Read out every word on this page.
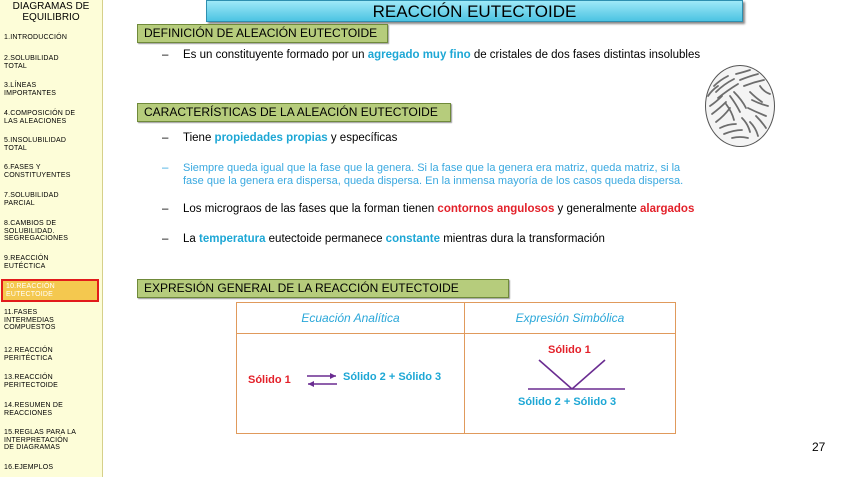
DIAGRAMAS DE
EQUILIBRIO
1.INTRODUCCIÓN
2.SOLUBILIDAD
TOTAL
3.LÍNEAS
IMPORTANTES
4.COMPOSICIÓN DE
LAS ALEACIONES
5.INSOLUBILIDAD
TOTAL
6.FASES Y
CONSTITUYENTES
7.SOLUBILIDAD
PARCIAL
8.CAMBIOS DE
SOLUBILIDAD.
SEGREGACIONES
9.REACCIÓN
EUTÉCTICA
10.REACCIÓN
EUTECTOIDE
11.FASES
INTERMEDIAS
COMPUESTOS
12.REACCIÓN
PERITÉCTICA
13.REACCIÓN
PERITECTOIDE
14.RESUMEN DE
REACCIONES
15.REGLAS PARA LA
INTERPRETACIÓN
DE DIAGRAMAS
16.EJEMPLOS
REACCIÓN EUTECTOIDE
DEFINICIÓN DE ALEACIÓN EUTECTOIDE
– Es un constituyente formado por un agregado muy fino de cristales de dos fases distintas insolubles
CARACTERÍSTICAS DE LA ALEACIÓN EUTECTOIDE
– Tiene propiedades propias y específicas
– Siempre queda igual que la fase que la genera. Si la fase que la genera era matriz, queda matriz, si la
fase que la genera era dispersa, queda dispersa. En la inmensa mayoría de los casos queda dispersa.
– Los micrograos de las fases que la forman tienen contornos angulosos y generalmente alargados
– La temperatura eutectoide permanece constante mientras dura la transformación
EXPRESIÓN GENERAL DE LA REACCIÓN EUTECTOIDE
Ecuación Analítica	Expresión Simbólica
Sólido 1 ⇌ Sólido 2 + Sólido 3
Sólido 1
Sólido 2 + Sólido 3
27
